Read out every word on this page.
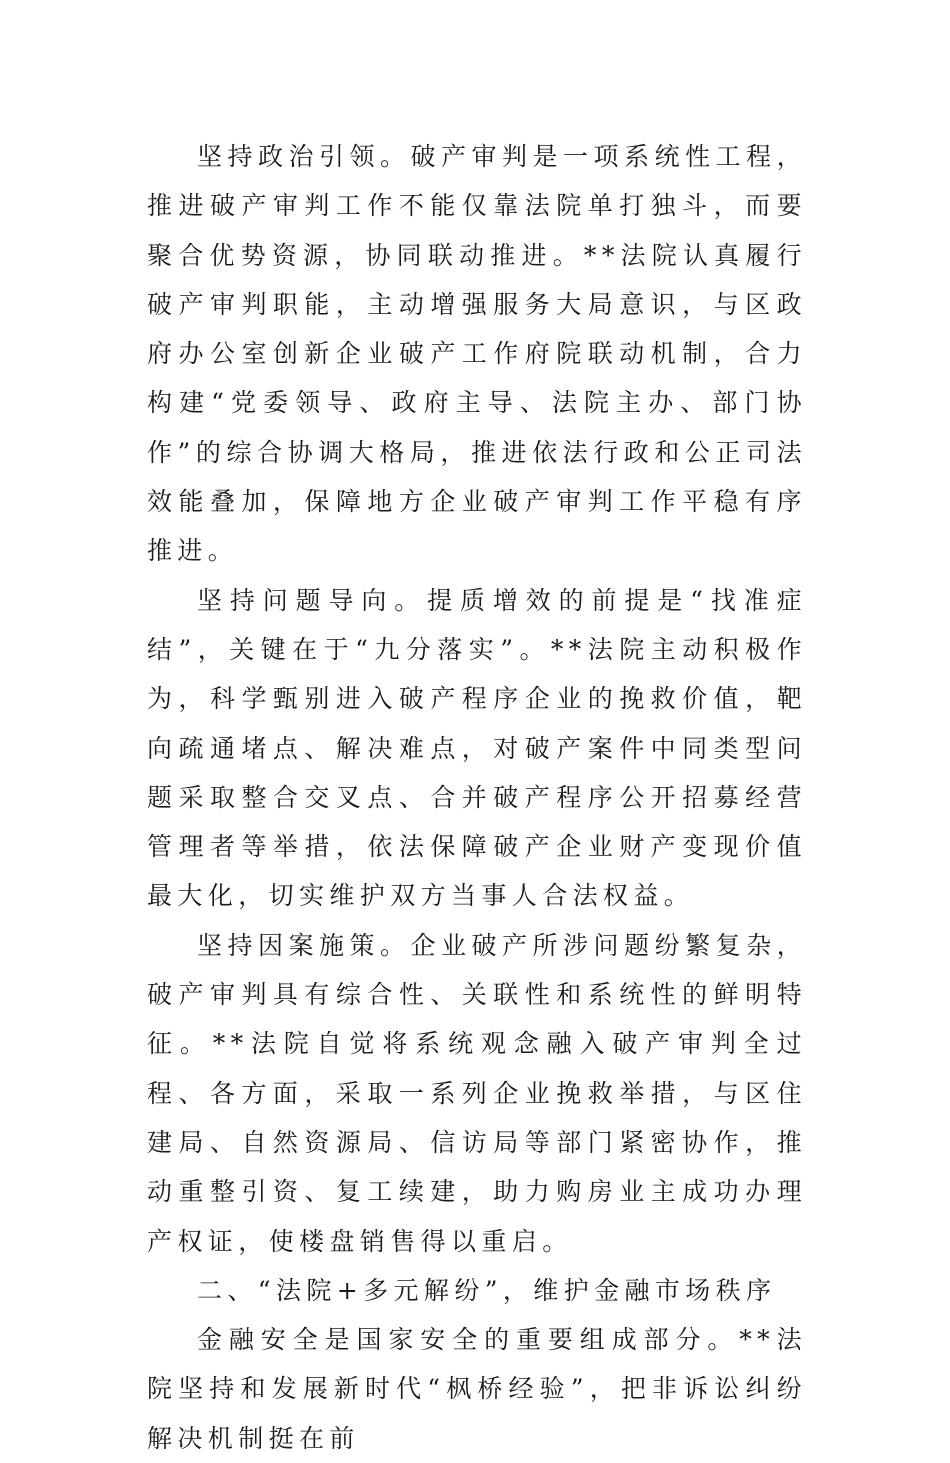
坚持政治引领。破产审判是一项系统性工程，推进破产审判工作不能仅靠法院单打独斗，而要聚合优势资源，协同联动推进。**法院认真履行破产审判职能，主动增强服务大局意识，与区政府办公室创新企业破产工作府院联动机制，合力构建“党委领导、政府主导、法院主办、部门协作”的综合协调大格局，推进依法行政和公正司法效能叠加，保障地方企业破产审判工作平稳有序推进。

坚持问题导向。提质增效的前提是“找准症结”，关键在于“九分落实”。**法院主动积极作为，科学甄别进入破产程序企业的挽救价值，靶向疏通堵点、解决难点，对破产案件中同类型问题采取整合交叉点、合并破产程序公开招募经营管理者等举措，依法保障破产企业财产变现价值最大化，切实维护双方当事人合法权益。

坚持因案施策。企业破产所涉问题纷繁复杂，破产审判具有综合性、关联性和系统性的鲜明特征。**法院自觉将系统观念融入破产审判全过程、各方面，采取一系列企业挽救举措，与区住建局、自然资源局、信访局等部门紧密协作，推动重整引资、复工续建，助力购房业主成功办理产权证，使楼盘销售得以重启。

二、“法院+多元解纷”，维护金融市场秩序

金融安全是国家安全的重要组成部分。**法院坚持和发展新时代“枫桥经验”，把非诉讼纠纷解决机制挺在前
